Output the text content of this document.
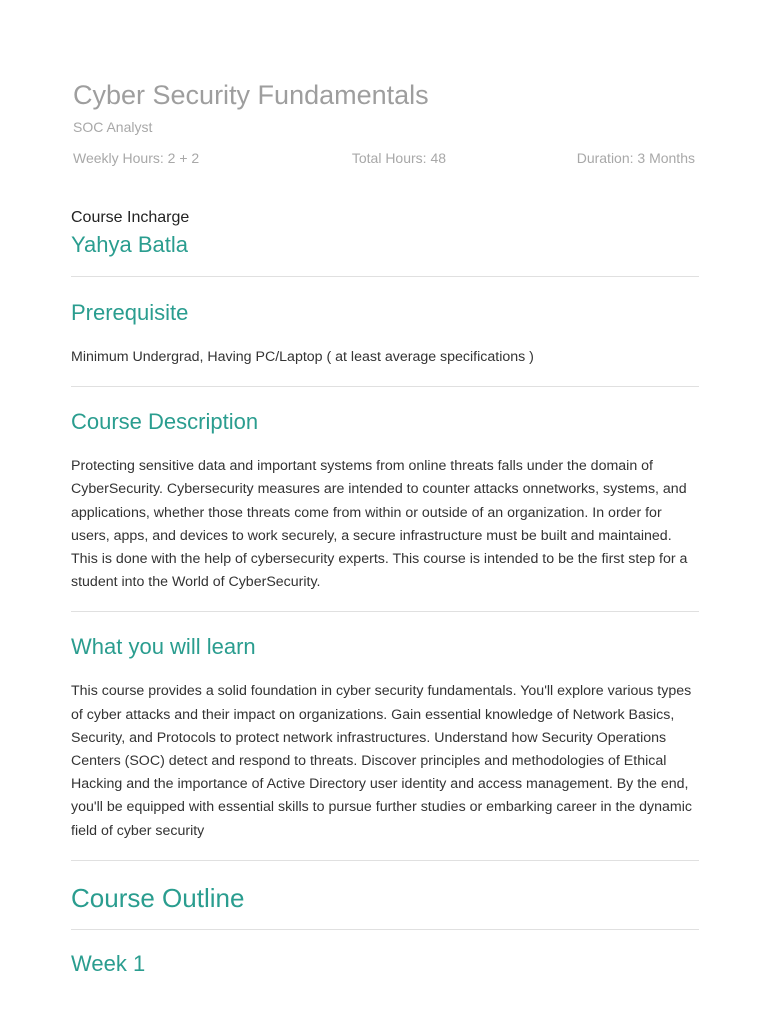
Cyber Security Fundamentals
SOC Analyst
Weekly Hours: 2 + 2	Total Hours: 48	Duration: 3 Months
Course Incharge
Yahya Batla
Prerequisite

Minimum Undergrad, Having PC/Laptop ( at least average specifications )

Course Description

Protecting sensitive data and important systems from online threats falls under the domain of CyberSecurity. Cybersecurity measures are intended to counter attacks onnetworks, systems, and applications, whether those threats come from within or outside of an organization. In order for users, apps, and devices to work securely, a secure infrastructure must be built and maintained. This is done with the help of cybersecurity experts. This course is intended to be the first step for a student into the World of CyberSecurity.

What you will learn

This course provides a solid foundation in cyber security fundamentals. You'll explore various types of cyber attacks and their impact on organizations. Gain essential knowledge of Network Basics, Security, and Protocols to protect network infrastructures. Understand how Security Operations Centers (SOC) detect and respond to threats. Discover principles and methodologies of Ethical Hacking and the importance of Active Directory user identity and access management. By the end, you'll be equipped with essential skills to pursue further studies or embarking career in the dynamic field of cyber security

Course Outline
Week 1
